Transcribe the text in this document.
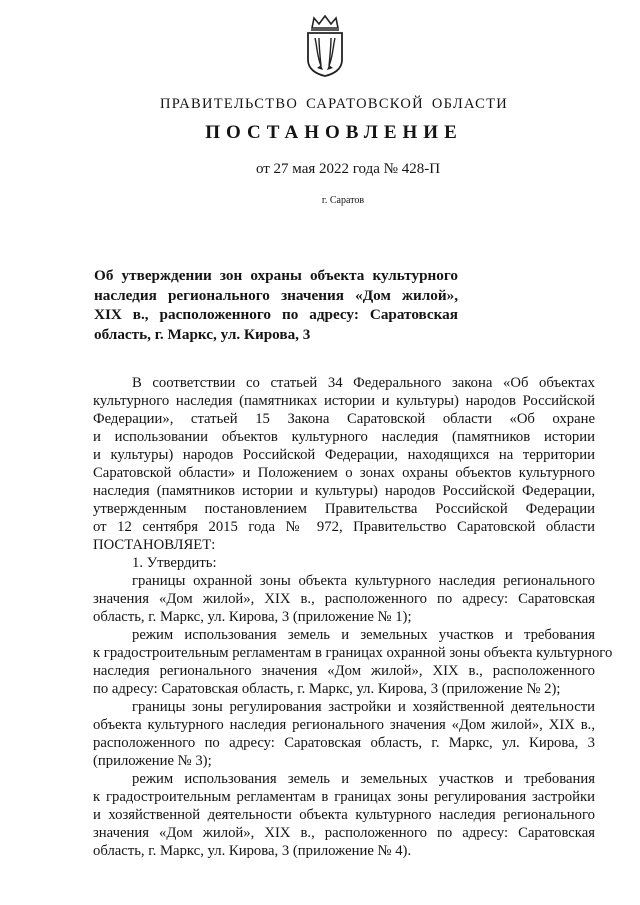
ПРАВИТЕЛЬСТВО САРАТОВСКОЙ ОБЛАСТИ
ПОСТАНОВЛЕНИЕ
от 27 мая 2022 года № 428-П
г. Саратов
Об утверждении зон охраны объекта культурного наследия регионального значения «Дом жилой», XIX в., расположенного по адресу: Саратовская область, г. Маркс, ул. Кирова, 3
В соответствии со статьей 34 Федерального закона «Об объектах
культурного наследия (памятниках истории и культуры) народов Российской
Федерации», статьей 15 Закона Саратовской области «Об охране
и использовании объектов культурного наследия (памятников истории
и культуры) народов Российской Федерации, находящихся на территории
Саратовской области» и Положением о зонах охраны объектов культурного
наследия (памятников истории и культуры) народов Российской Федерации,
утвержденным постановлением Правительства Российской Федерации
от 12 сентября 2015 года № 972, Правительство Саратовской области
ПОСТАНОВЛЯЕТ:
1. Утвердить:
границы охранной зоны объекта культурного наследия регионального
значения «Дом жилой», XIX в., расположенного по адресу: Саратовская
область, г. Маркс, ул. Кирова, 3 (приложение № 1);
режим использования земель и земельных участков и требования
к градостроительным регламентам в границах охранной зоны объекта культурного
наследия регионального значения «Дом жилой», XIX в., расположенного
по адресу: Саратовская область, г. Маркс, ул. Кирова, 3 (приложение № 2);
границы зоны регулирования застройки и хозяйственной деятельности
объекта культурного наследия регионального значения «Дом жилой», XIX в.,
расположенного по адресу: Саратовская область, г. Маркс, ул. Кирова, 3
(приложение № 3);
режим использования земель и земельных участков и требования
к градостроительным регламентам в границах зоны регулирования застройки
и хозяйственной деятельности объекта культурного наследия регионального
значения «Дом жилой», XIX в., расположенного по адресу: Саратовская
область, г. Маркс, ул. Кирова, 3 (приложение № 4).
